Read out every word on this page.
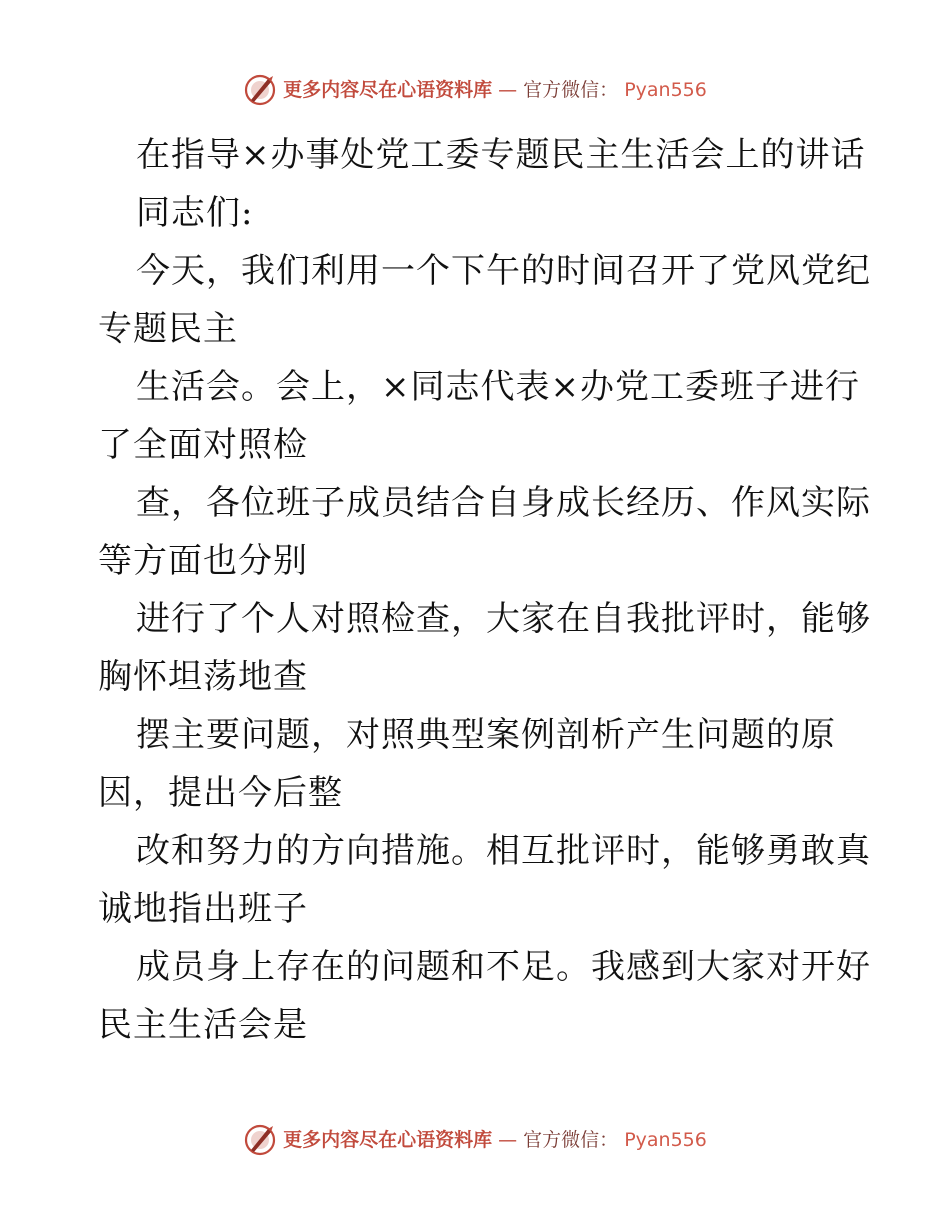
更多内容尽在心语资料库 — 官方微信： Pyan556
在指导×办事处党工委专题民主生活会上的讲话
同志们:
今天，我们利用一个下午的时间召开了党风党纪
专题民主
生活会。会上，×同志代表×办党工委班子进行
了全面对照检
查，各位班子成员结合自身成长经历、作风实际
等方面也分别
进行了个人对照检查，大家在自我批评时，能够
胸怀坦荡地查
摆主要问题，对照典型案例剖析产生问题的原
因，提出今后整
改和努力的方向措施。相互批评时，能够勇敢真
诚地指出班子
成员身上存在的问题和不足。我感到大家对开好
民主生活会是
更多内容尽在心语资料库 — 官方微信： Pyan556
